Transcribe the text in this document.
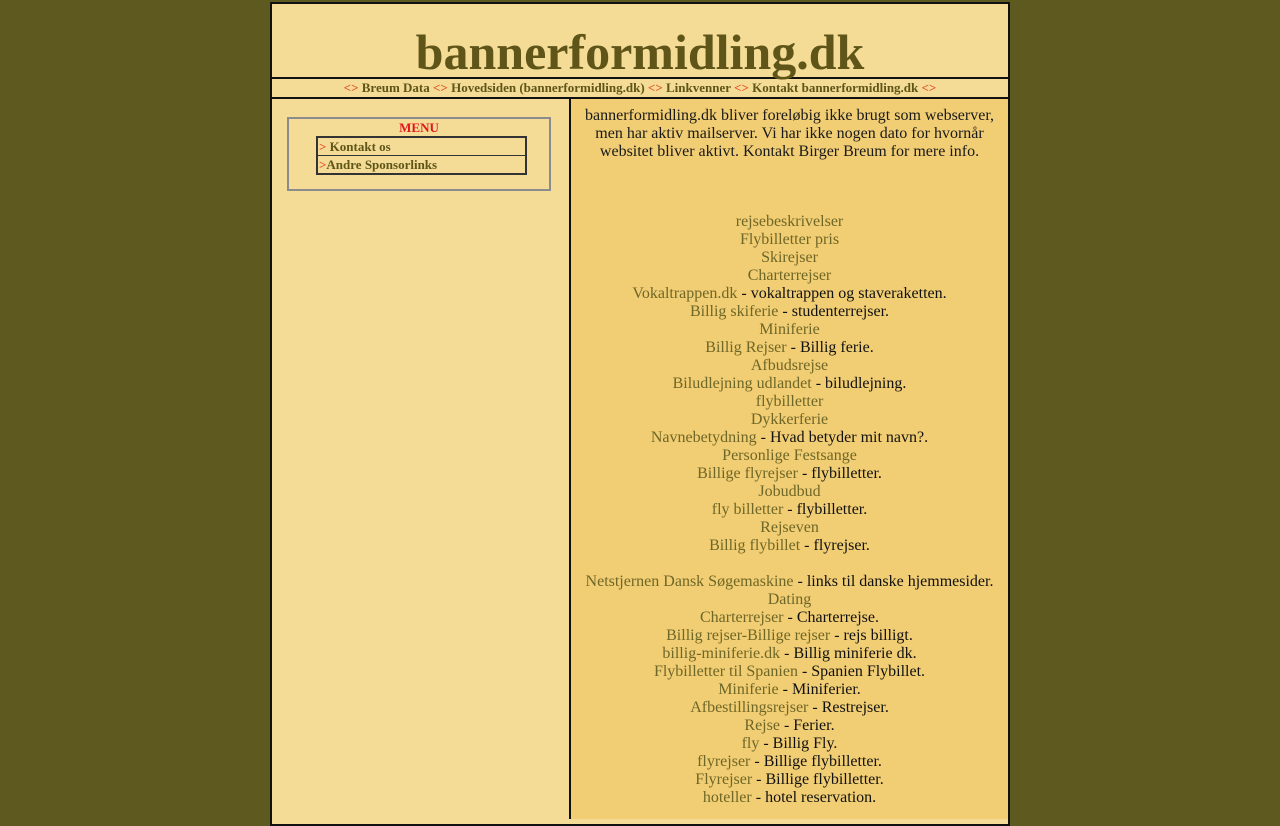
bannerformidling.dk
<> Breum Data <> Hovedsiden (bannerformidling.dk) <> Linkvenner <> Kontakt bannerformidling.dk <>
MENU
> Kontakt os
>Andre Sponsorlinks
bannerformidling.dk bliver foreløbig ikke brugt som webserver, men har aktiv mailserver. Vi har ikke nogen dato for hvornår websitet bliver aktivt. Kontakt Birger Breum for mere info.
rejsebeskrivelser
Flybilletter pris
Skirejser
Charterrejser
Vokaltrappen.dk - vokaltrappen og staveraketten.
Billig skiferie - studenterrejser.
Miniferie
Billig Rejser - Billig ferie.
Afbudsrejse
Biludlejning udlandet - biludlejning.
flybilletter
Dykkerferie
Navnebetydning - Hvad betyder mit navn?.
Personlige Festsange
Billige flyrejser - flybilletter.
Jobudbud
fly billetter - flybilletter.
Rejseven
Billig flybillet - flyrejser.
Netstjernen Dansk Søgemaskine - links til danske hjemmesider.
Dating
Charterrejser - Charterrejse.
Billig rejser-Billige rejser - rejs billigt.
billig-miniferie.dk - Billig miniferie dk.
Flybilletter til Spanien - Spanien Flybillet.
Miniferie - Miniferier.
Afbestillingsrejser - Restrejser.
Rejse - Ferier.
fly - Billig Fly.
flyrejser - Billige flybilletter.
Flyrejser - Billige flybilletter.
hoteller - hotel reservation.
